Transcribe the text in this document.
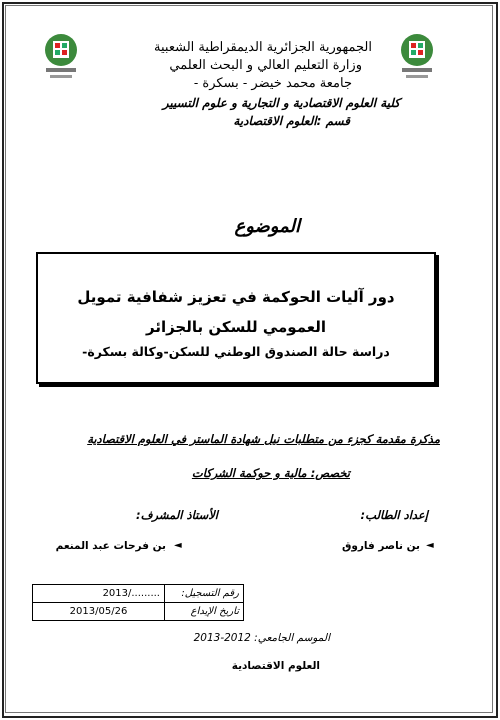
الجمهورية الجزائرية الديمقراطية الشعبية
وزارة التعليم العالي و البحث العلمي
جامعة محمد خيضر - بسكرة -
كلية العلوم الاقتصادية و التجارية و علوم التسيير
قسم :العلوم الاقتصادية
الموضوع
دور آليات الحوكمة في تعزيز شفافية تمويل العمومي للسكن بالجزائر
دراسة حالة الصندوق الوطني للسكن-وكالة بسكرة-
مذكرة مقدمة كجزء من متطلبات نيل شهادة الماستر في العلوم الاقتصادية
تخصص: مالية و حوكمة الشركات
إعداد الطالب:
الأستاذ المشرف:
◄
بن ناصر فاروق
◄
بن فرحات عبد المنعم
رقم التسجيل:	2013/.........
تاريخ الإيداع	2013/05/26
الموسم الجامعي: 2012-2013
العلوم الاقتصادية
